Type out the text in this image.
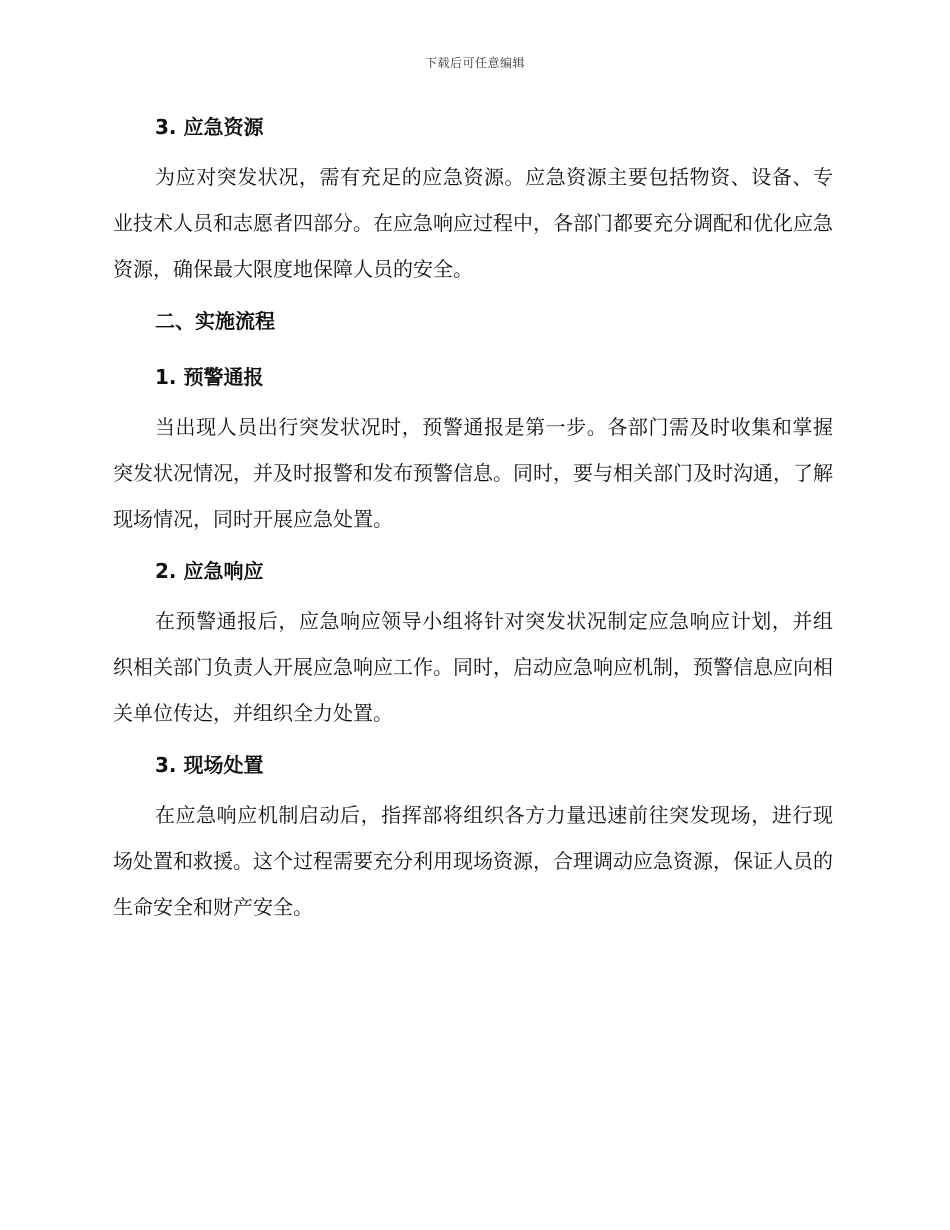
下载后可任意编辑
3. 应急资源

为应对突发状况，需有充足的应急资源。应急资源主要包括物资、设备、专业技术人员和志愿者四部分。在应急响应过程中，各部门都要充分调配和优化应急资源，确保最大限度地保障人员的安全。

二、实施流程
1. 预警通报

当出现人员出行突发状况时，预警通报是第一步。各部门需及时收集和掌握突发状况情况，并及时报警和发布预警信息。同时，要与相关部门及时沟通，了解现场情况，同时开展应急处置。

2. 应急响应

在预警通报后，应急响应领导小组将针对突发状况制定应急响应计划，并组织相关部门负责人开展应急响应工作。同时，启动应急响应机制，预警信息应向相关单位传达，并组织全力处置。

3. 现场处置

在应急响应机制启动后，指挥部将组织各方力量迅速前往突发现场，进行现场处置和救援。这个过程需要充分利用现场资源，合理调动应急资源，保证人员的生命安全和财产安全。
